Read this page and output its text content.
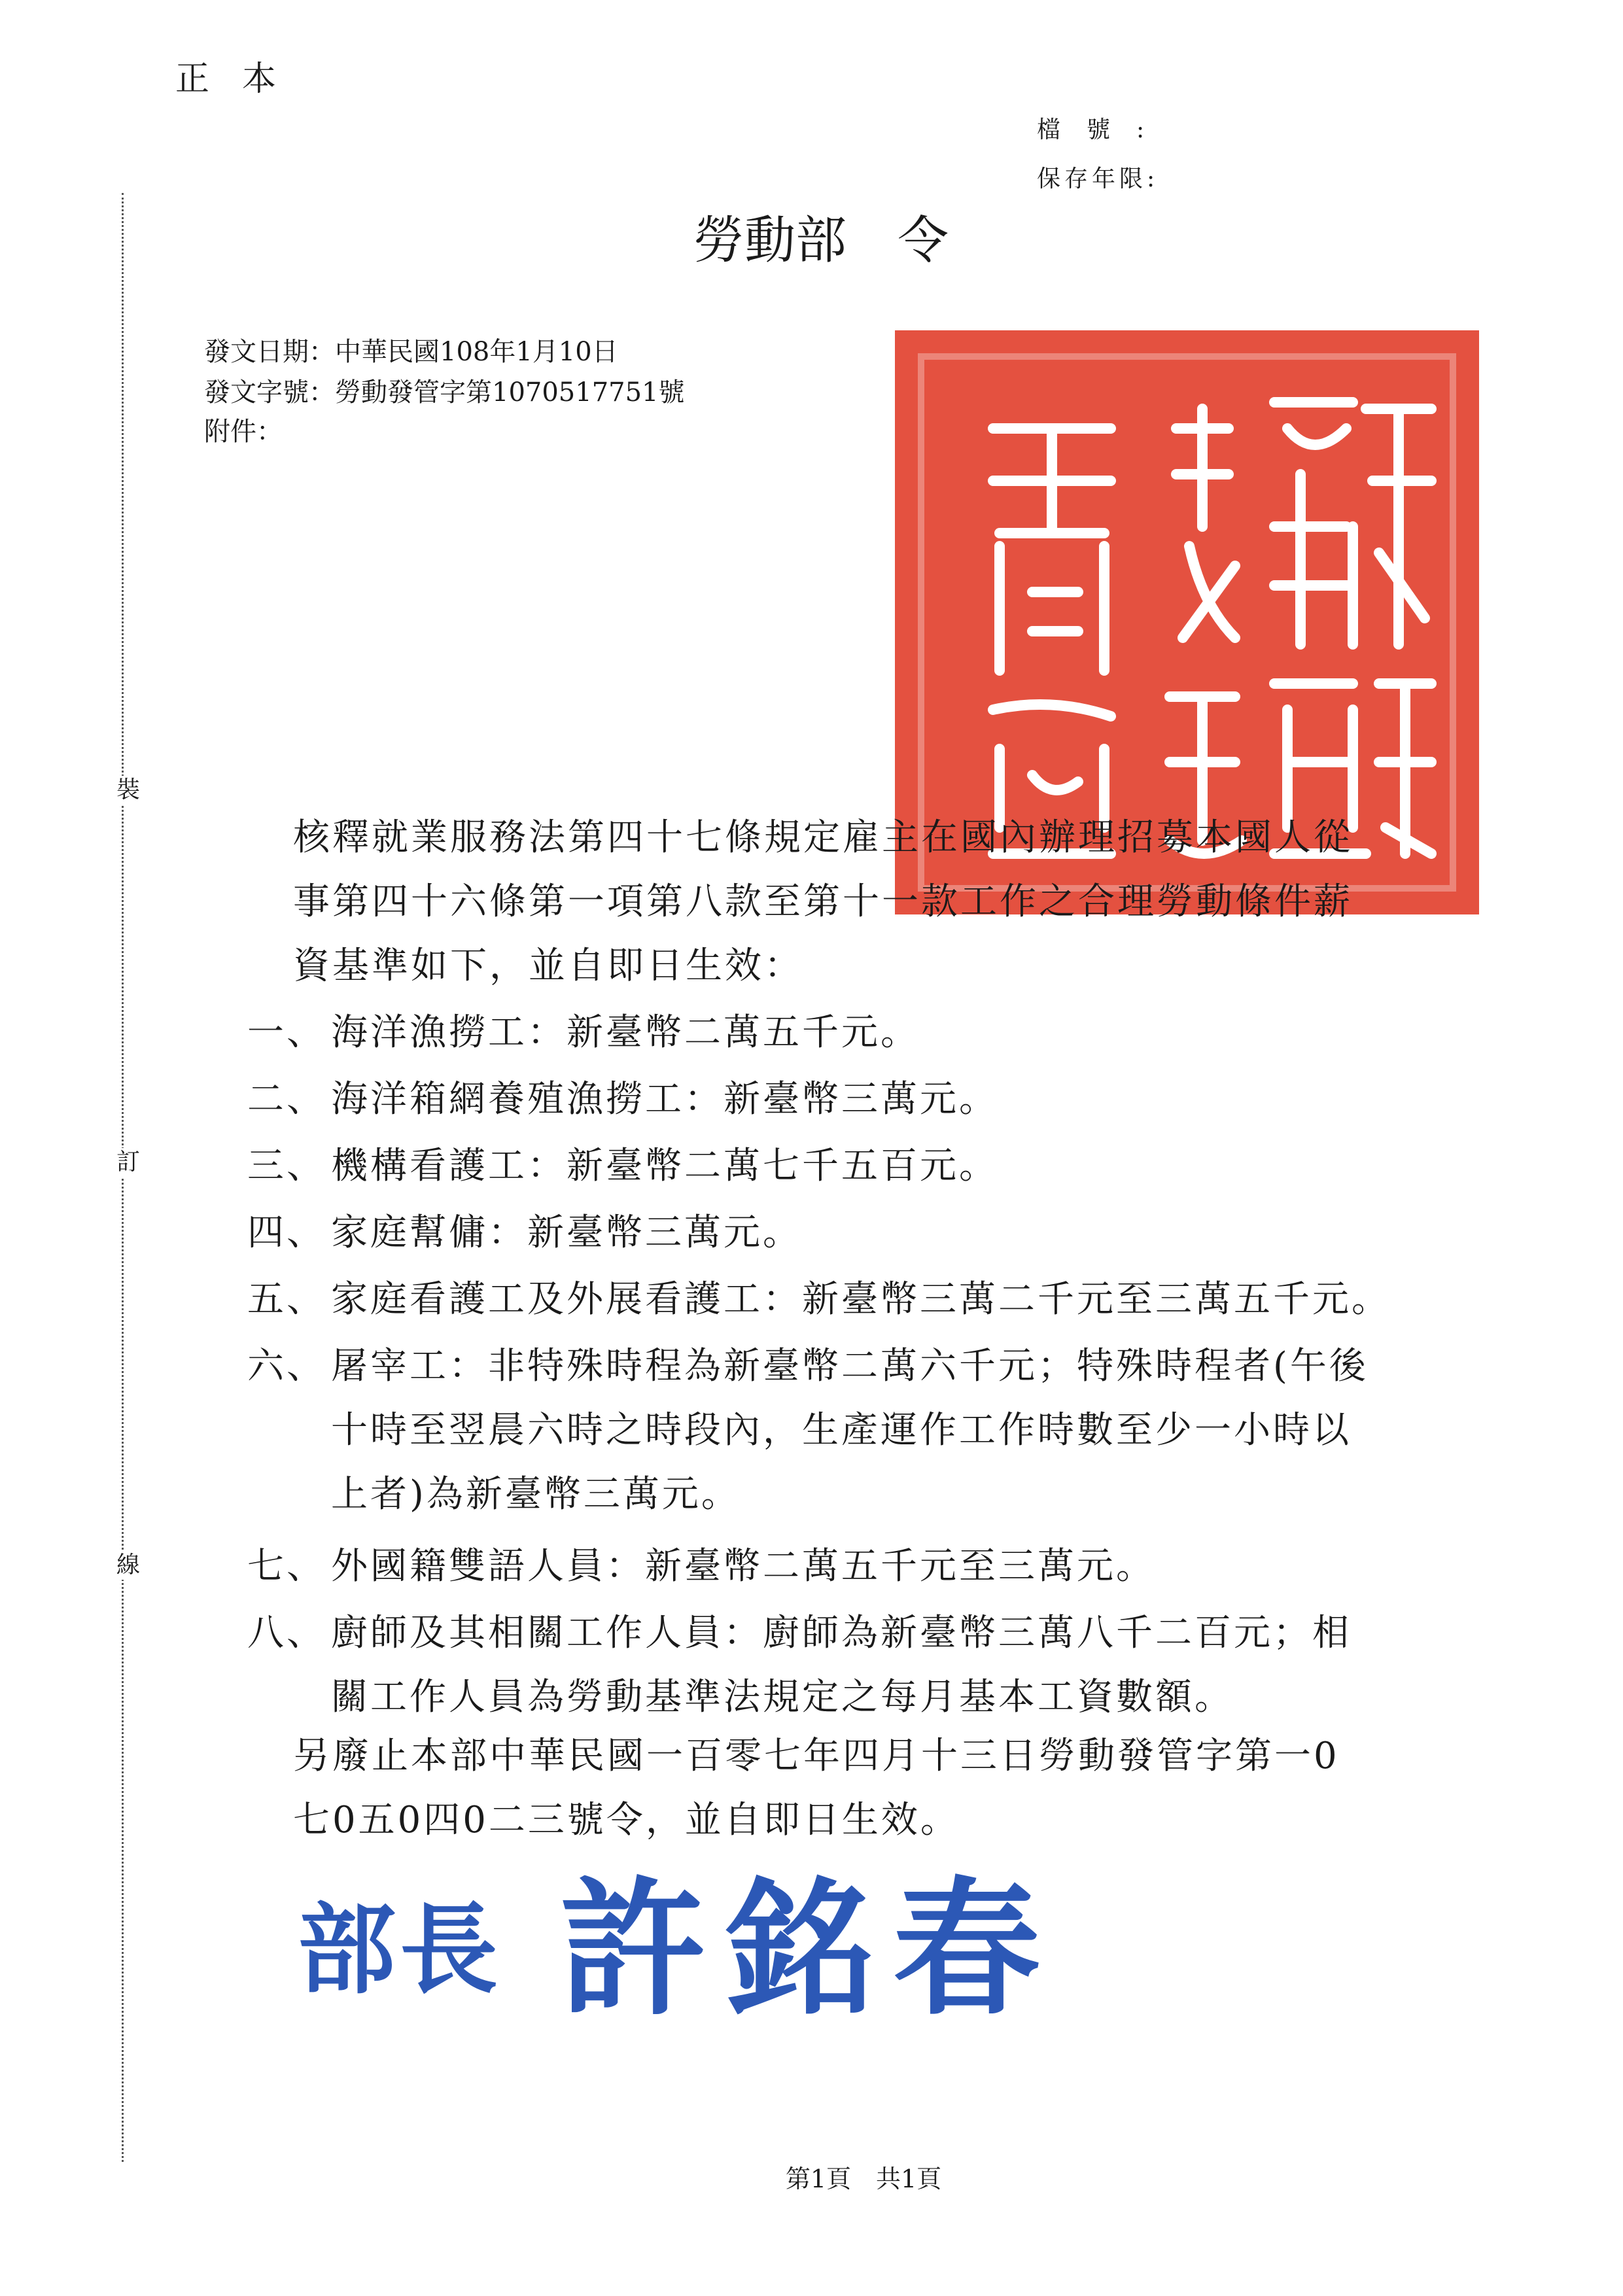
正本
檔號:
保存年限:
裝
訂
線
勞動部　令
發文日期：中華民國108年1月10日
發文字號：勞動發管字第1070517751號
附件：
核釋就業服務法第四十七條規定雇主在國內辦理招募本國人從
事第四十六條第一項第八款至第十一款工作之合理勞動條件薪
資基準如下，並自即日生效：
一、 海洋漁撈工：新臺幣二萬五千元。
二、 海洋箱網養殖漁撈工：新臺幣三萬元。
三、 機構看護工：新臺幣二萬七千五百元。
四、 家庭幫傭：新臺幣三萬元。
五、 家庭看護工及外展看護工：新臺幣三萬二千元至三萬五千元。
六、 屠宰工：非特殊時程為新臺幣二萬六千元；特殊時程者(午後
十時至翌晨六時之時段內，生產運作工作時數至少一小時以
上者)為新臺幣三萬元。
七、 外國籍雙語人員：新臺幣二萬五千元至三萬元。
八、 廚師及其相關工作人員：廚師為新臺幣三萬八千二百元；相
關工作人員為勞動基準法規定之每月基本工資數額。
另廢止本部中華民國一百零七年四月十三日勞動發管字第一0
七0五0四0二三號令，並自即日生效。
部長 許銘春
第1頁　共1頁
